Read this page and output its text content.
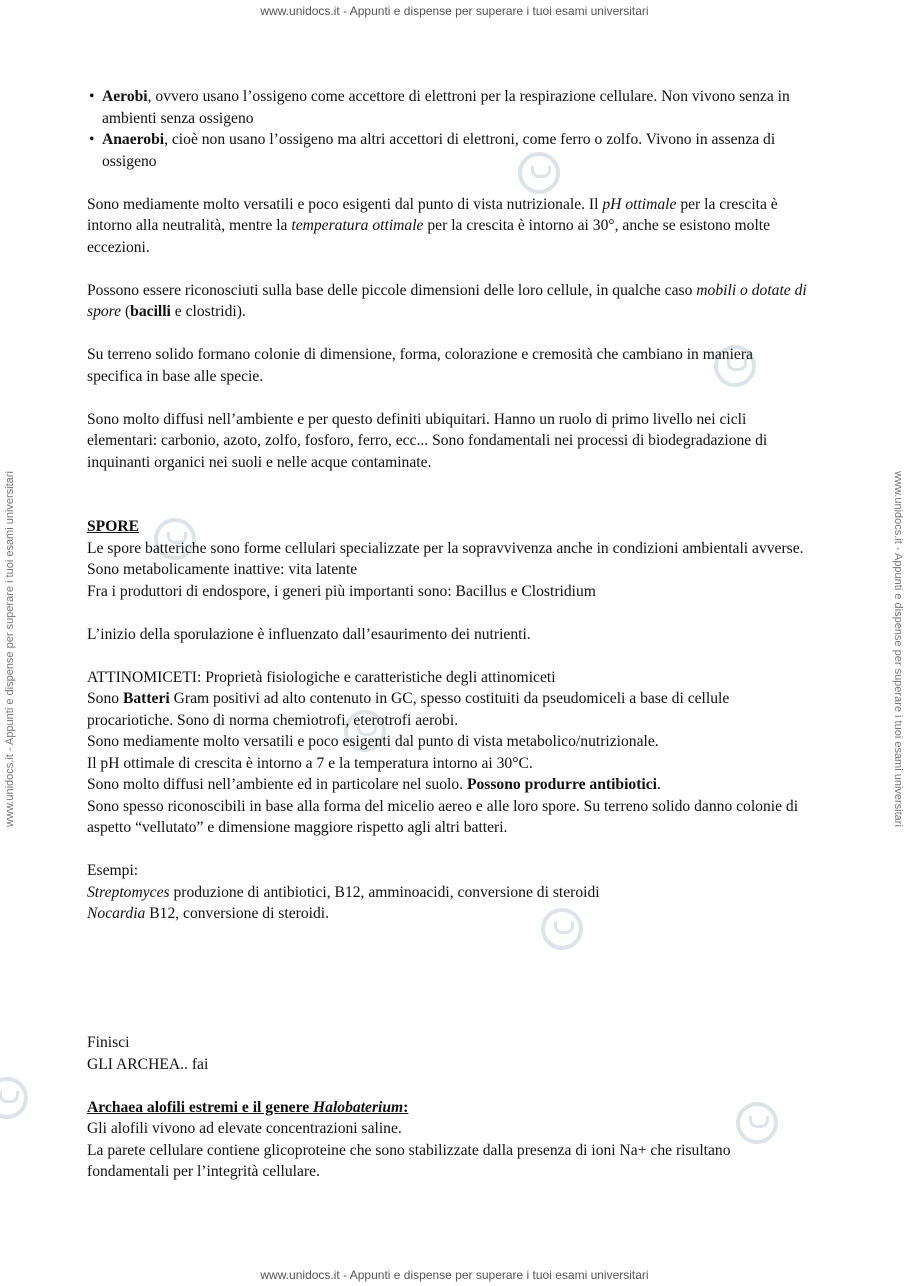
www.unidocs.it - Appunti e dispense per superare i tuoi esami universitari
www.unidocs.it - Appunti e dispense per superare i tuoi esami universitari	www.unidocs.it - Appunti e dispense per superare i tuoi esami universitari
• Aerobi, ovvero usano l’ossigeno come accettore di elettroni per la respirazione cellulare. Non vivono senza in ambienti senza ossigeno
• Anaerobi, cioè non usano l’ossigeno ma altri accettori di elettroni, come ferro o zolfo. Vivono in assenza di ossigeno

Sono mediamente molto versatili e poco esigenti dal punto di vista nutrizionale. Il pH ottimale per la crescita è intorno alla neutralità, mentre la temperatura ottimale per la crescita è intorno ai 30°, anche se esistono molte eccezioni.

Possono essere riconosciuti sulla base delle piccole dimensioni delle loro cellule, in qualche caso mobili o dotate di spore (bacilli e clostridi).

Su terreno solido formano colonie di dimensione, forma, colorazione e cremosità che cambiano in maniera specifica in base alle specie.

Sono molto diffusi nell’ambiente e per questo definiti ubiquitari. Hanno un ruolo di primo livello nei cicli elementari: carbonio, azoto, zolfo, fosforo, ferro, ecc... Sono fondamentali nei processi di biodegradazione di inquinanti organici nei suoli e nelle acque contaminate.

SPORE

Le spore batteriche sono forme cellulari specializzate per la sopravvivenza anche in condizioni ambientali avverse. Sono metabolicamente inattive: vita latente

Fra i produttori di endospore, i generi più importanti sono: Bacillus e Clostridium

L’inizio della sporulazione è influenzato dall’esaurimento dei nutrienti.

ATTINOMICETI: Proprietà fisiologiche e caratteristiche degli attinomiceti

Sono Batteri Gram positivi ad alto contenuto in GC, spesso costituiti da pseudomiceli a base di cellule procariotiche. Sono di norma chemiotrofi, eterotrofi aerobi.

Sono mediamente molto versatili e poco esigenti dal punto di vista metabolico/nutrizionale.

Il pH ottimale di crescita è intorno a 7 e la temperatura intorno ai 30°C.

Sono molto diffusi nell’ambiente ed in particolare nel suolo. Possono produrre antibiotici.

Sono spesso riconoscibili in base alla forma del micelio aereo e alle loro spore. Su terreno solido danno colonie di aspetto “vellutato” e dimensione maggiore rispetto agli altri batteri.

Esempi:

Streptomyces produzione di antibiotici, B12, amminoacidi, conversione di steroidi

Nocardia B12, conversione di steroidi.

Finisci

GLI ARCHEA.. fai

Archaea alofili estremi e il genere Halobaterium:

Gli alofili vivono ad elevate concentrazioni saline.

La parete cellulare contiene glicoproteine che sono stabilizzate dalla presenza di ioni Na+ che risultano fondamentali per l’integrità cellulare.

www.unidocs.it - Appunti e dispense per superare i tuoi esami universitari
